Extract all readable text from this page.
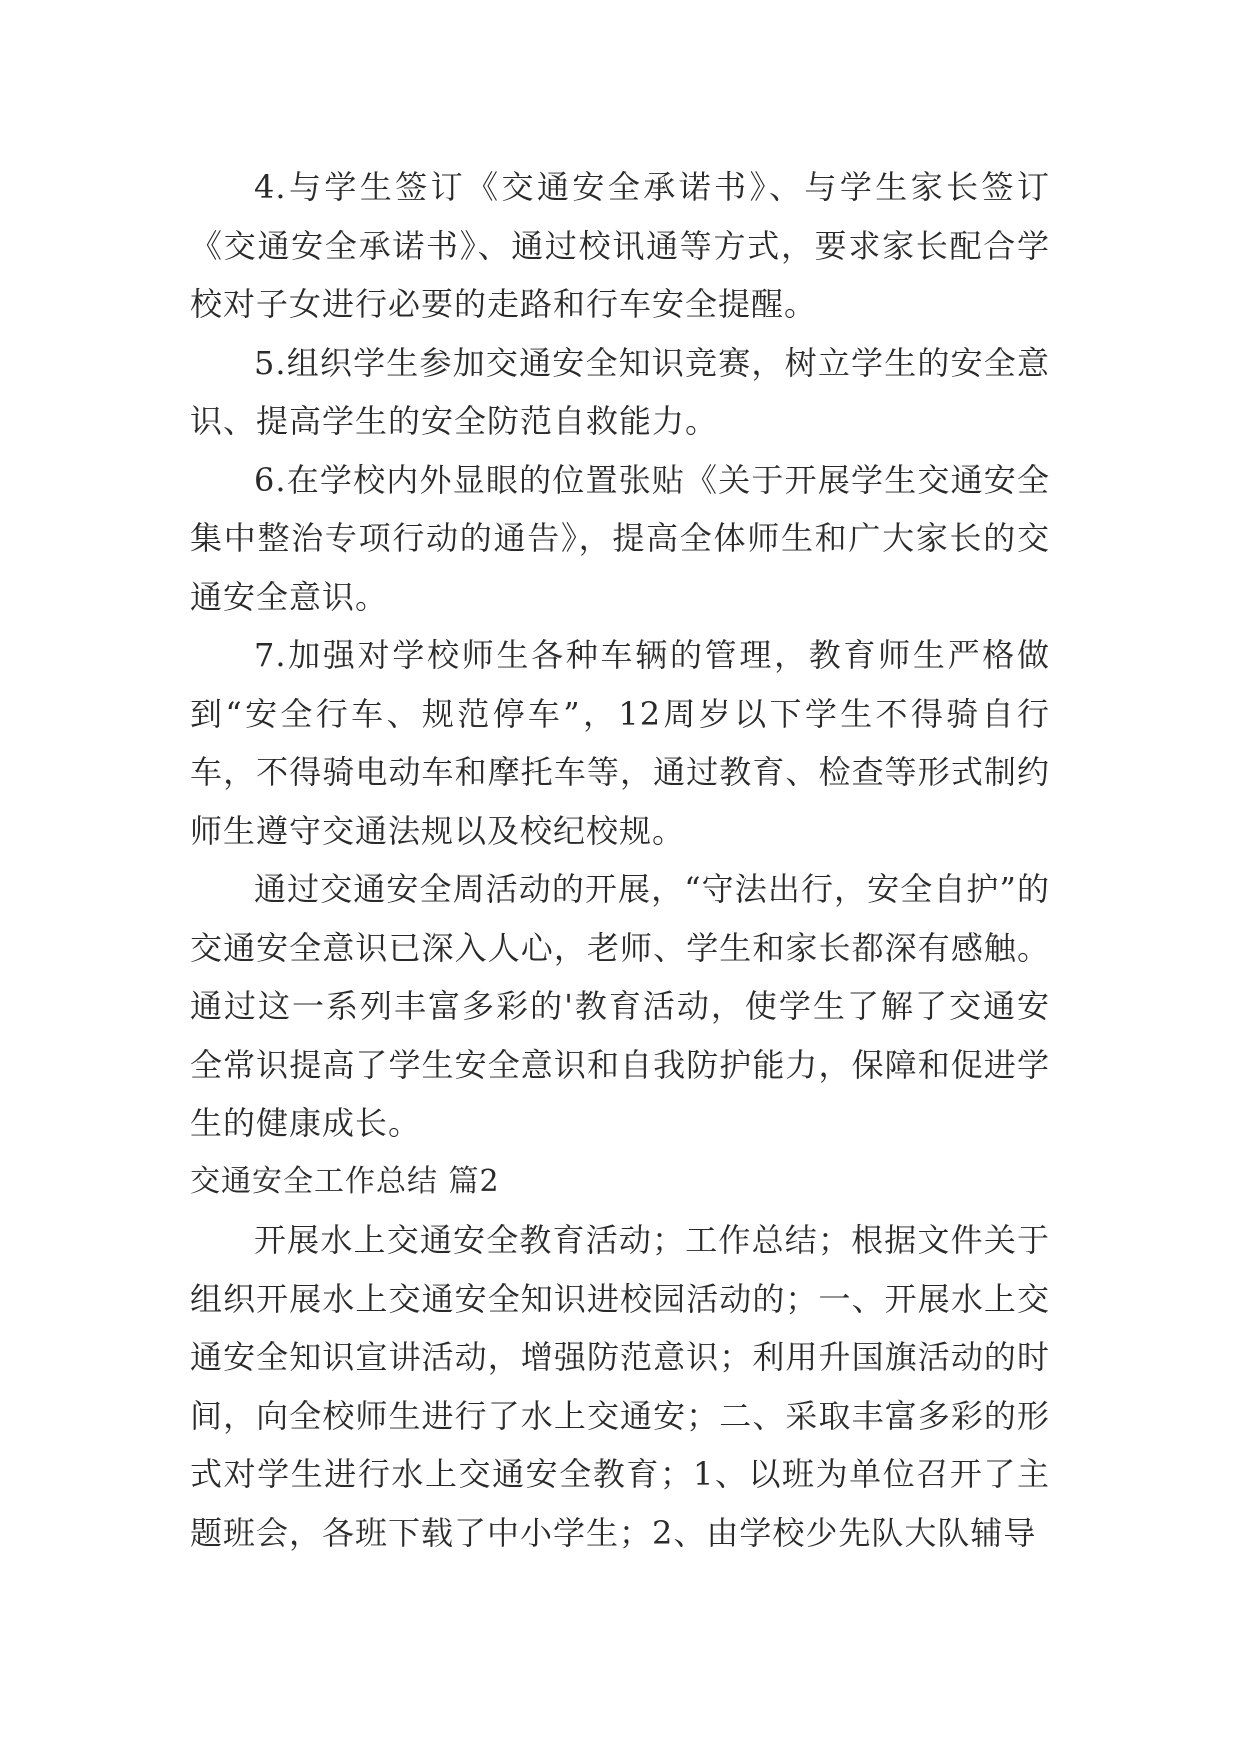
4.与学生签订《交通安全承诺书》、与学生家长签订《交通安全承诺书》、通过校讯通等方式，要求家长配合学校对子女进行必要的走路和行车安全提醒。

5.组织学生参加交通安全知识竞赛，树立学生的安全意识、提高学生的安全防范自救能力。

6.在学校内外显眼的位置张贴《关于开展学生交通安全集中整治专项行动的通告》，提高全体师生和广大家长的交通安全意识。

7.加强对学校师生各种车辆的管理，教育师生严格做到“安全行车、规范停车”，12周岁以下学生不得骑自行车，不得骑电动车和摩托车等，通过教育、检查等形式制约师生遵守交通法规以及校纪校规。

通过交通安全周活动的开展，“守法出行，安全自护”的交通安全意识已深入人心，老师、学生和家长都深有感触。通过这一系列丰富多彩的'教育活动，使学生了解了交通安全常识提高了学生安全意识和自我防护能力，保障和促进学生的健康成长。

交通安全工作总结 篇2

开展水上交通安全教育活动；工作总结；根据文件关于组织开展水上交通安全知识进校园活动的；一、开展水上交通安全知识宣讲活动，增强防范意识；利用升国旗活动的时间，向全校师生进行了水上交通安；二、采取丰富多彩的形式对学生进行水上交通安全教育；1、以班为单位召开了主题班会，各班下载了中小学生；2、由学校少先队大队辅导
